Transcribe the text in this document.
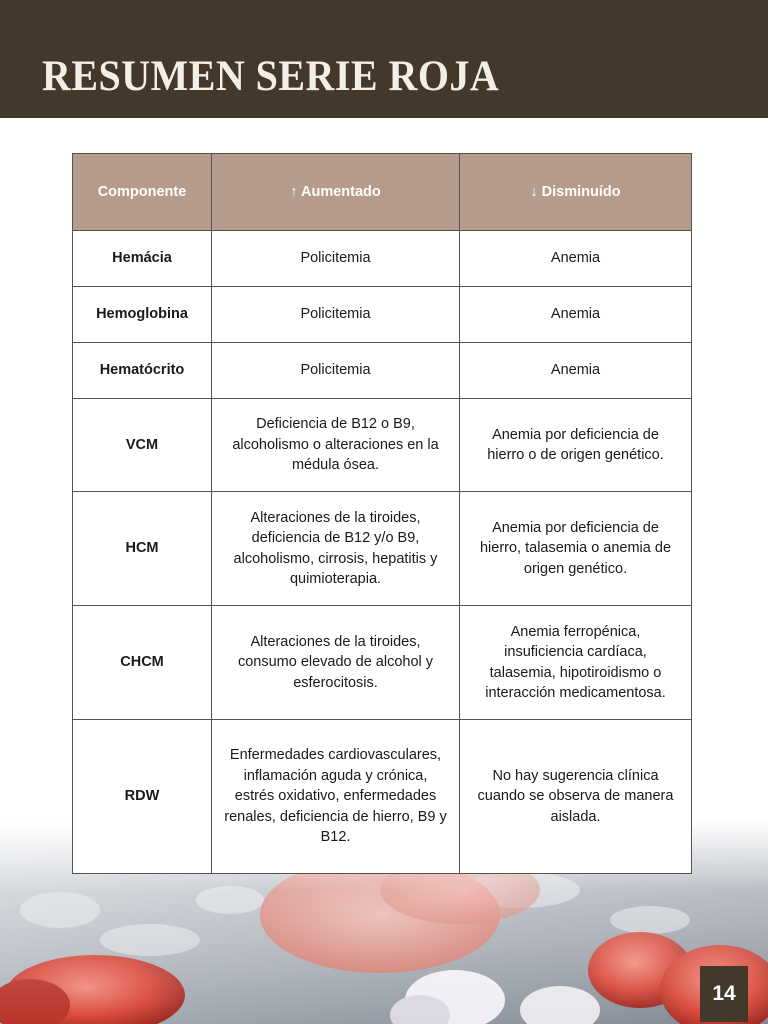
RESUMEN SERIE ROJA
Componente	↑ Aumentado	↓ Disminuído
Hemácia	Policitemia	Anemia
Hemoglobina	Policitemia	Anemia
Hematócrito	Policitemia	Anemia
VCM	Deficiencia de B12 o B9, alcoholismo o alteraciones en la médula ósea.	Anemia por deficiencia de hierro o de origen genético.
HCM	Alteraciones de la tiroides, deficiencia de B12 y/o B9, alcoholismo, cirrosis, hepatitis y quimioterapia.	Anemia por deficiencia de hierro, talasemia o anemia de origen genético.
CHCM	Alteraciones de la tiroides, consumo elevado de alcohol y esferocitosis.	Anemia ferropénica, insuficiencia cardíaca, talasemia, hipotiroidismo o interacción medicamentosa.
RDW	Enfermedades cardiovasculares, inflamación aguda y crónica, estrés oxidativo, enfermedades renales, deficiencia de hierro, B9 y B12.	No hay sugerencia clínica cuando se observa de manera aislada.
14
